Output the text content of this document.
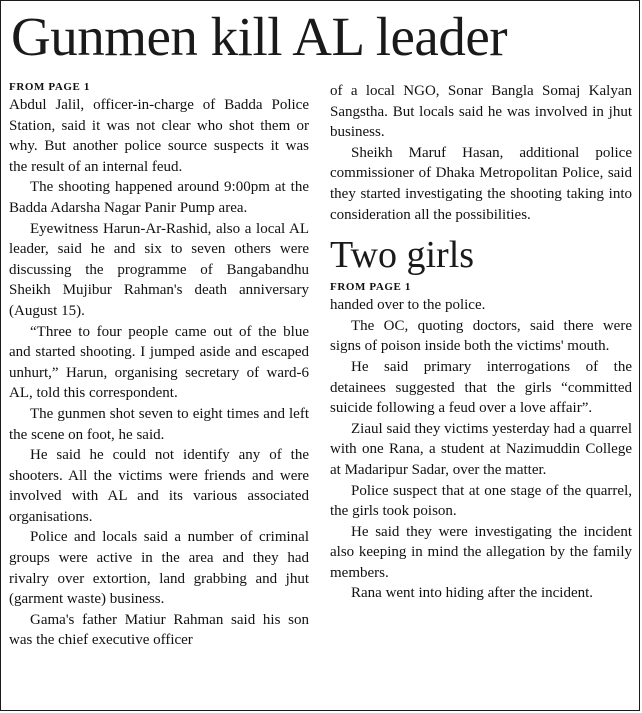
Gunmen kill AL leader
FROM PAGE 1

Abdul Jalil, officer-in-charge of Badda Police Station, said it was not clear who shot them or why. But another police source suspects it was the result of an internal feud.

The shooting happened around 9:00pm at the Badda Adarsha Nagar Panir Pump area.

Eyewitness Harun-Ar-Rashid, also a local AL leader, said he and six to seven others were discussing the programme of Bangabandhu Sheikh Mujibur Rahman's death anniversary (August 15).

“Three to four people came out of the blue and started shooting. I jumped aside and escaped unhurt,” Harun, organising secretary of ward-6 AL, told this correspondent.

The gunmen shot seven to eight times and left the scene on foot, he said.

He said he could not identify any of the shooters. All the victims were friends and were involved with AL and its various associated organisations.

Police and locals said a number of criminal groups were active in the area and they had rivalry over extortion, land grabbing and jhut (garment waste) business.

Gama's father Matiur Rahman said his son was the chief executive officer

of a local NGO, Sonar Bangla Somaj Kalyan Sangstha. But locals said he was involved in jhut business.

Sheikh Maruf Hasan, additional police commissioner of Dhaka Metropolitan Police, said they started investigating the shooting taking into consideration all the possibilities.

Two girls
FROM PAGE 1

handed over to the police.

The OC, quoting doctors, said there were signs of poison inside both the victims' mouth.

He said primary interrogations of the detainees suggested that the girls “committed suicide following a feud over a love affair”.

Ziaul said they victims yesterday had a quarrel with one Rana, a student at Nazimuddin College at Madaripur Sadar, over the matter.

Police suspect that at one stage of the quarrel, the girls took poison.

He said they were investigating the incident also keeping in mind the allegation by the family members.

Rana went into hiding after the incident.
